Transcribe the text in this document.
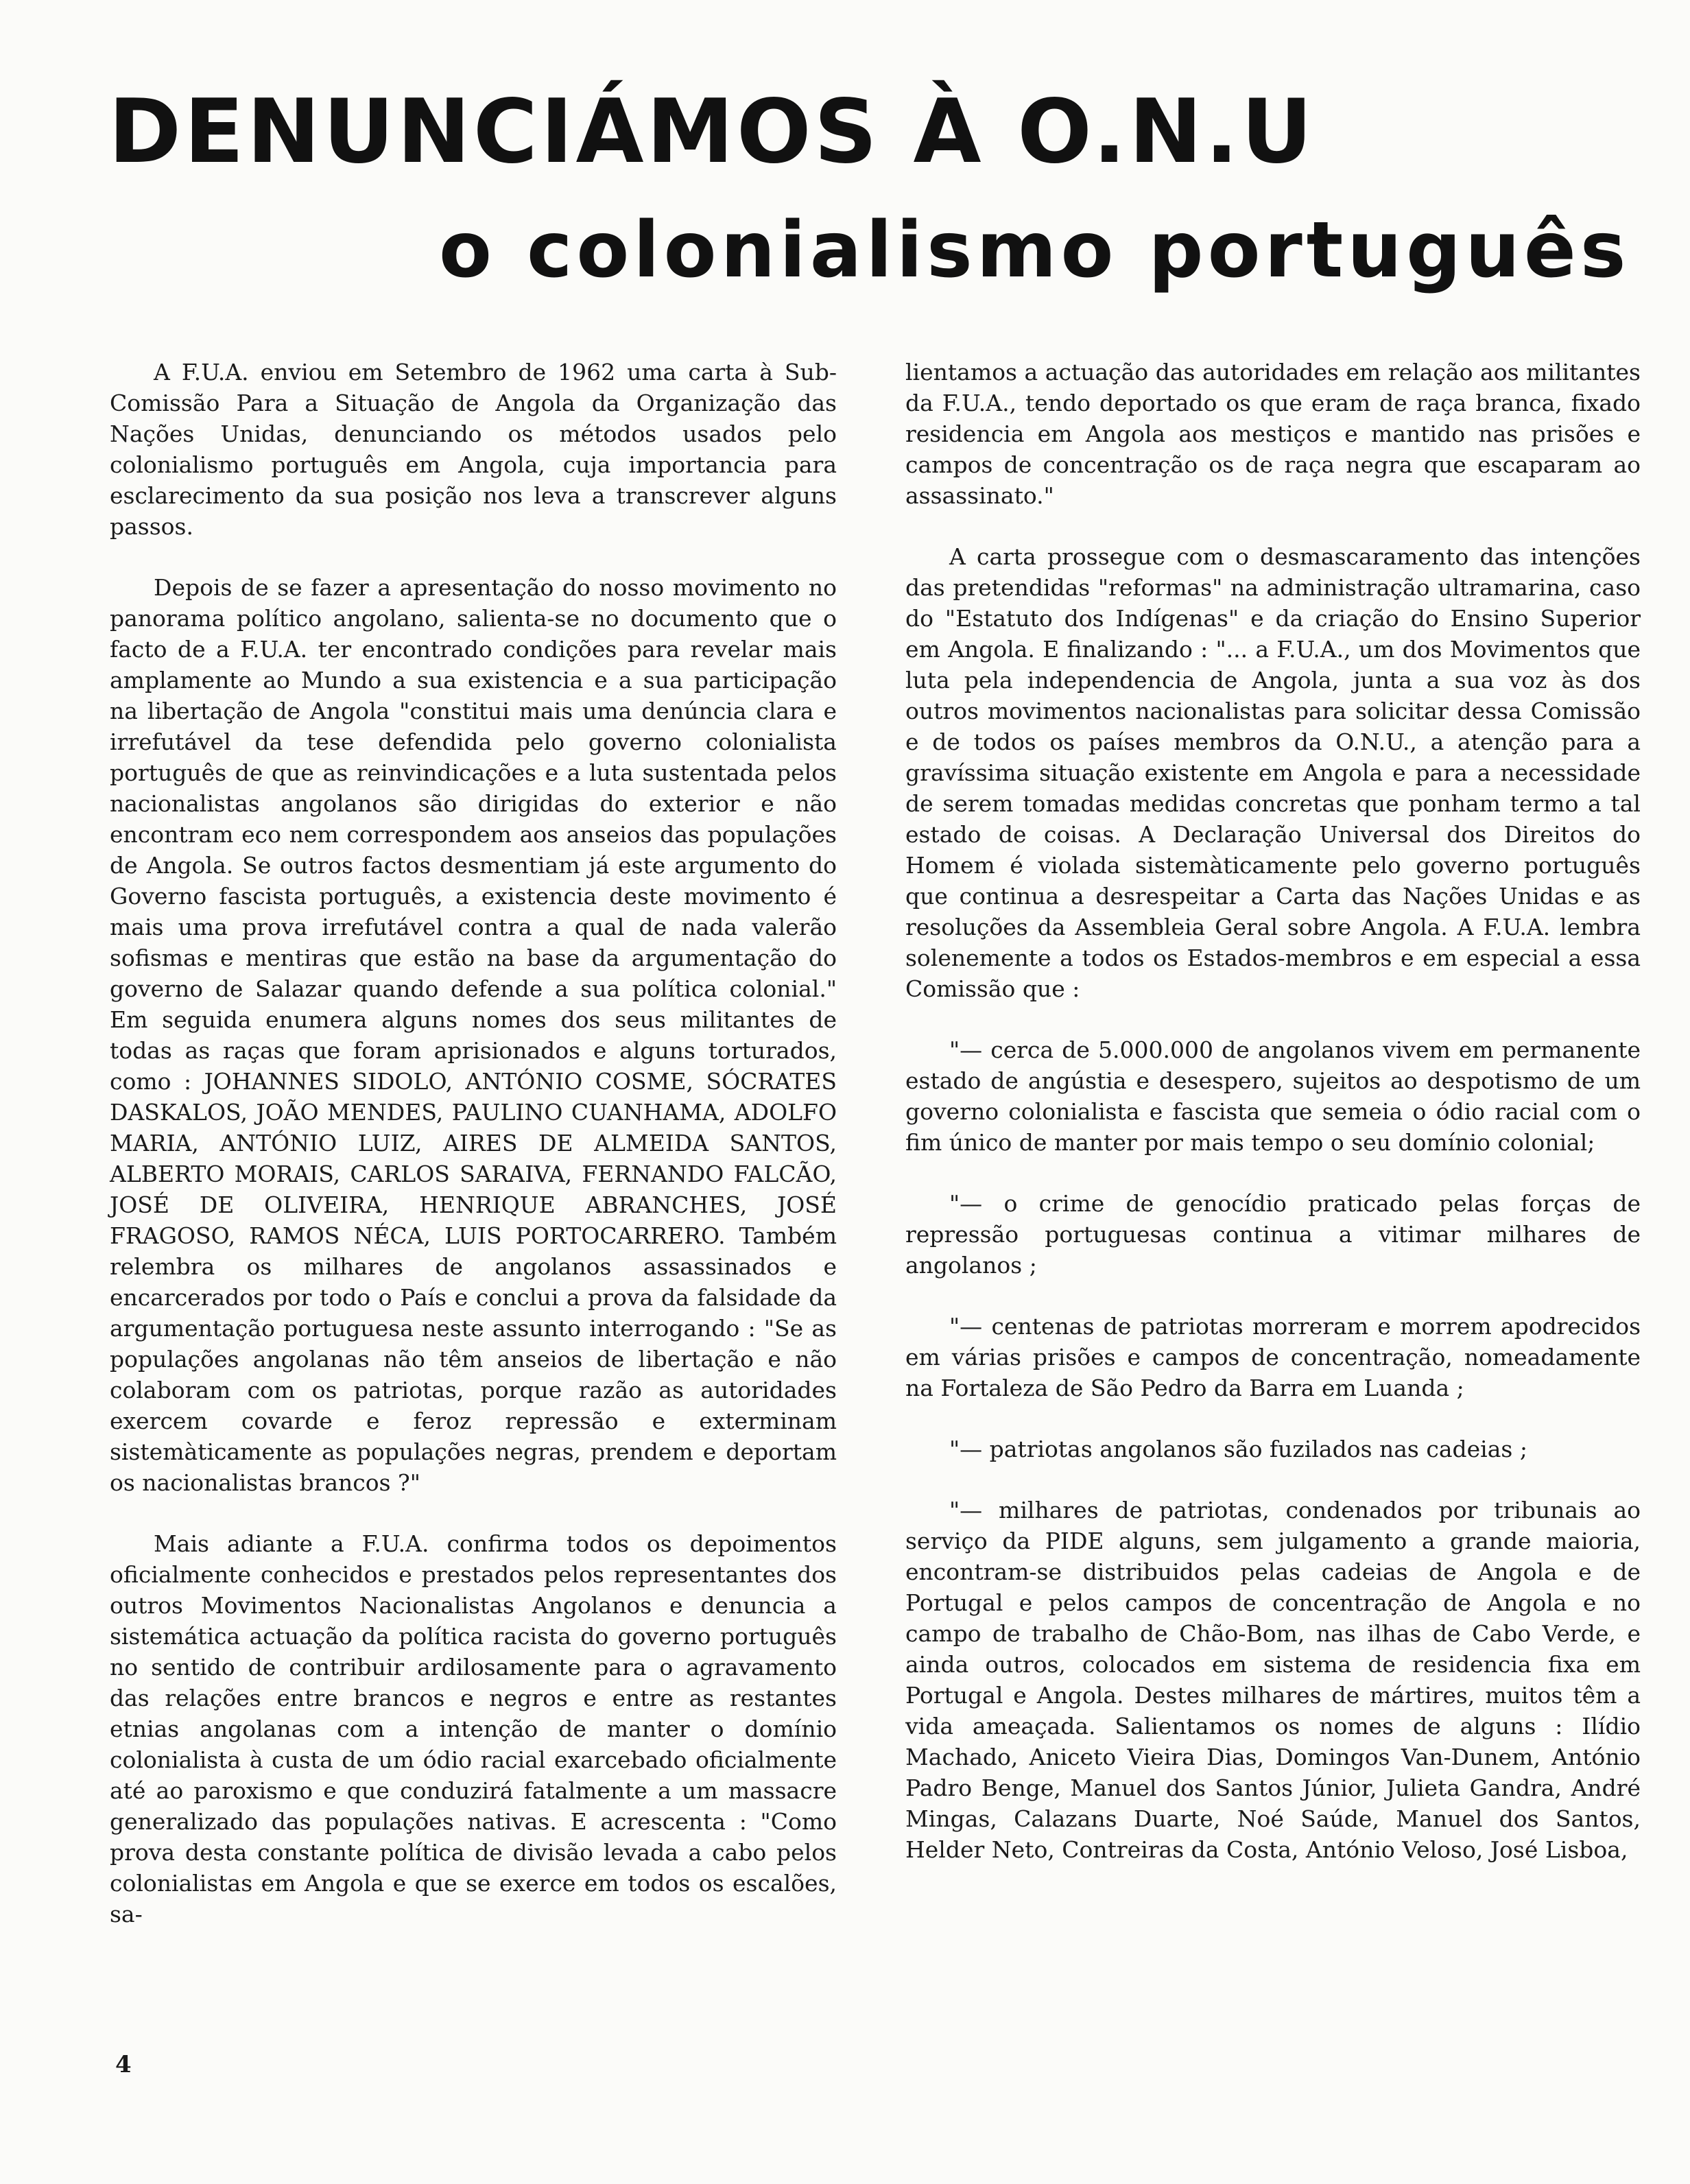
DENUNCIÁMOS À O.N.U
o colonialismo português

A F.U.A. enviou em Setembro de 1962 uma carta à Sub-Comissão Para a Situação de Angola da Organização das Nações Unidas, denunciando os métodos usados pelo colonialismo português em Angola, cuja importancia para esclarecimento da sua posição nos leva a transcrever alguns passos.

Depois de se fazer a apresentação do nosso movimento no panorama político angolano, salienta-se no documento que o facto de a F.U.A. ter encontrado condições para revelar mais amplamente ao Mundo a sua existencia e a sua participação na libertação de Angola "constitui mais uma denúncia clara e irrefutável da tese defendida pelo governo colonialista português de que as reinvindicações e a luta sustentada pelos nacionalistas angolanos são dirigidas do exterior e não encontram eco nem correspondem aos anseios das populações de Angola. Se outros factos desmentiam já este argumento do Governo fascista português, a existencia deste movimento é mais uma prova irrefutável contra a qual de nada valerão sofismas e mentiras que estão na base da argumentação do governo de Salazar quando defende a sua política colonial." Em seguida enumera alguns nomes dos seus militantes de todas as raças que foram aprisionados e alguns torturados, como : JOHANNES SIDOLO, ANTÓNIO COSME, SÓCRATES DASKALOS, JOÃO MENDES, PAULINO CUANHAMA, ADOLFO MARIA, ANTÓNIO LUIZ, AIRES DE ALMEIDA SANTOS, ALBERTO MORAIS, CARLOS SARAIVA, FERNANDO FALCÃO, JOSÉ DE OLIVEIRA, HENRIQUE ABRANCHES, JOSÉ FRAGOSO, RAMOS NÉCA, LUIS PORTOCARRERO. Também relembra os milhares de angolanos assassinados e encarcerados por todo o País e conclui a prova da falsidade da argumentação portuguesa neste assunto interrogando : "Se as populações angolanas não têm anseios de libertação e não colaboram com os patriotas, porque razão as autoridades exercem covarde e feroz repressão e exterminam sistemàticamente as populações negras, prendem e deportam os nacionalistas brancos ?"

Mais adiante a F.U.A. confirma todos os depoimentos oficialmente conhecidos e prestados pelos representantes dos outros Movimentos Nacionalistas Angolanos e denuncia a sistemática actuação da política racista do governo português no sentido de contribuir ardilosamente para o agravamento das relações entre brancos e negros e entre as restantes etnias angolanas com a intenção de manter o domínio colonialista à custa de um ódio racial exarcebado oficialmente até ao paroxismo e que conduzirá fatalmente a um massacre generalizado das populações nativas. E acrescenta : "Como prova desta constante política de divisão levada a cabo pelos colonialistas em Angola e que se exerce em todos os escalões, sa-

lientamos a actuação das autoridades em relação aos militantes da F.U.A., tendo deportado os que eram de raça branca, fixado residencia em Angola aos mestiços e mantido nas prisões e campos de concentração os de raça negra que escaparam ao assassinato."

A carta prossegue com o desmascaramento das intenções das pretendidas "reformas" na administração ultramarina, caso do "Estatuto dos Indígenas" e da criação do Ensino Superior em Angola. E finalizando : "... a F.U.A., um dos Movimentos que luta pela independencia de Angola, junta a sua voz às dos outros movimentos nacionalistas para solicitar dessa Comissão e de todos os países membros da O.N.U., a atenção para a gravíssima situação existente em Angola e para a necessidade de serem tomadas medidas concretas que ponham termo a tal estado de coisas. A Declaração Universal dos Direitos do Homem é violada sistemàticamente pelo governo português que continua a desrespeitar a Carta das Nações Unidas e as resoluções da Assembleia Geral sobre Angola. A F.U.A. lembra solenemente a todos os Estados-membros e em especial a essa Comissão que :

"— cerca de 5.000.000 de angolanos vivem em permanente estado de angústia e desespero, sujeitos ao despotismo de um governo colonialista e fascista que semeia o ódio racial com o fim único de manter por mais tempo o seu domínio colonial;

"— o crime de genocídio praticado pelas forças de repressão portuguesas continua a vitimar milhares de angolanos ;

"— centenas de patriotas morreram e morrem apodrecidos em várias prisões e campos de concentração, nomeadamente na Fortaleza de São Pedro da Barra em Luanda ;

"— patriotas angolanos são fuzilados nas cadeias ;

"— milhares de patriotas, condenados por tribunais ao serviço da PIDE alguns, sem julgamento a grande maioria, encontram-se distribuidos pelas cadeias de Angola e de Portugal e pelos campos de concentração de Angola e no campo de trabalho de Chão-Bom, nas ilhas de Cabo Verde, e ainda outros, colocados em sistema de residencia fixa em Portugal e Angola. Destes milhares de mártires, muitos têm a vida ameaçada. Salientamos os nomes de alguns : Ilídio Machado, Aniceto Vieira Dias, Domingos Van-Dunem, António Padro Benge, Manuel dos Santos Júnior, Julieta Gandra, André Mingas, Calazans Duarte, Noé Saúde, Manuel dos Santos, Helder Neto, Contreiras da Costa, António Veloso, José Lisboa,

4
